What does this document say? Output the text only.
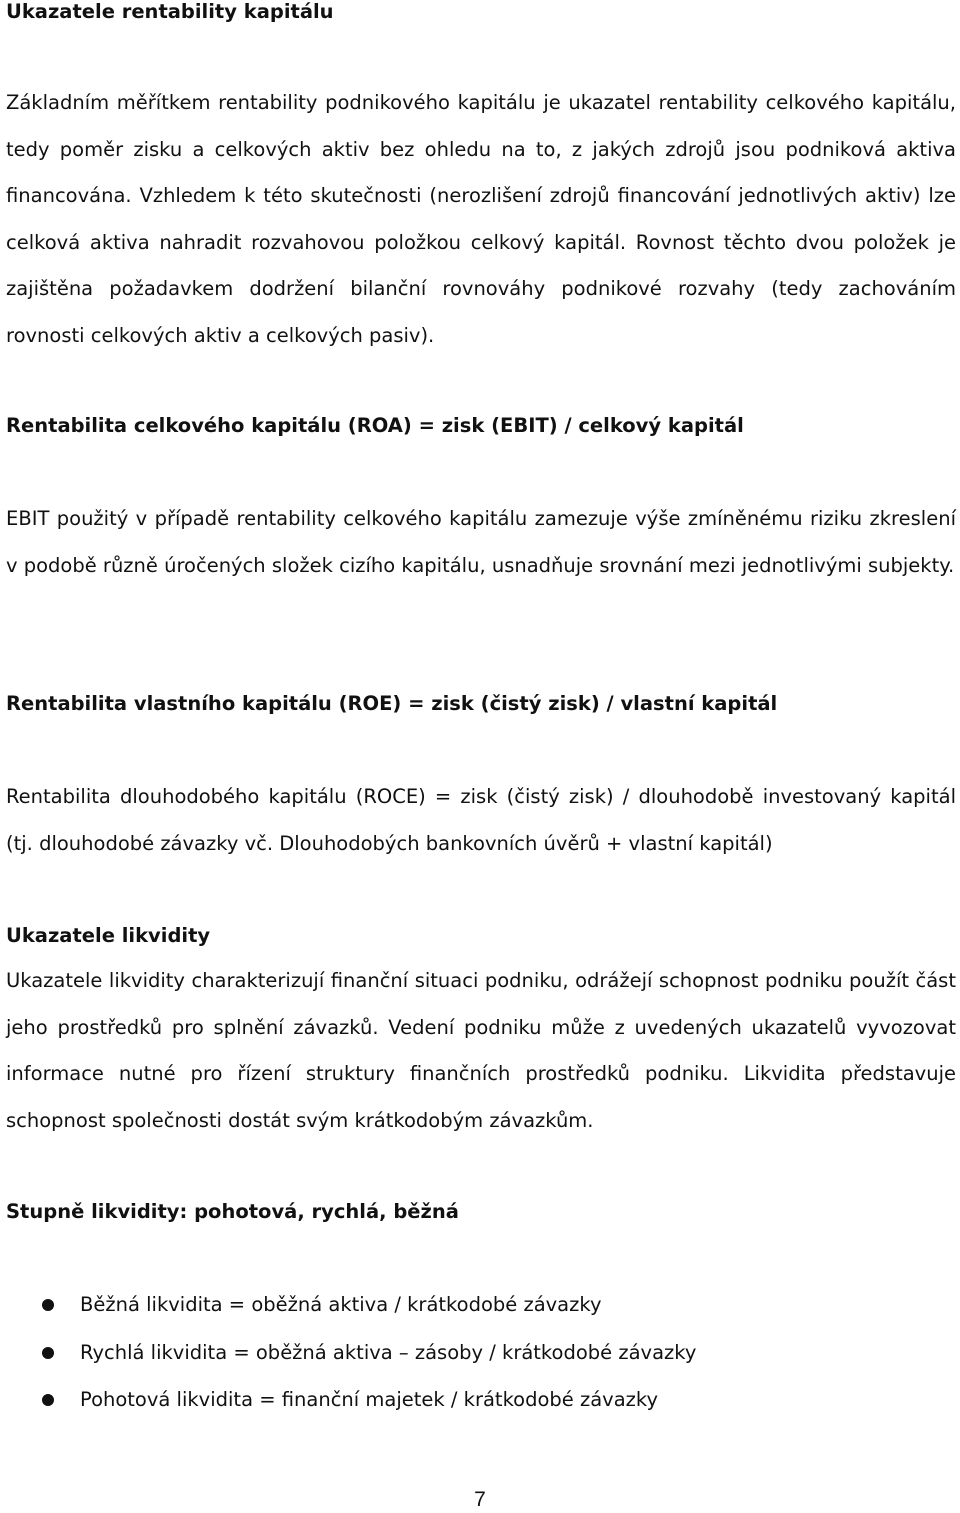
Ukazatele rentability kapitálu

Základním měřítkem rentability podnikového kapitálu je ukazatel rentability celkového kapitálu, tedy poměr zisku a celkových aktiv bez ohledu na to, z jakých zdrojů jsou podniková aktiva financována. Vzhledem k této skutečnosti (nerozlišení zdrojů financování jednotlivých aktiv) lze celková aktiva nahradit rozvahovou položkou celkový kapitál. Rovnost těchto dvou položek je zajištěna požadavkem dodržení bilanční rovnováhy podnikové rozvahy (tedy zachováním rovnosti celkových aktiv a celkových pasiv).

Rentabilita celkového kapitálu (ROA) = zisk (EBIT) / celkový kapitál

EBIT použitý v případě rentability celkového kapitálu zamezuje výše zmíněnému riziku zkreslení v podobě různě úročených složek cizího kapitálu, usnadňuje srovnání mezi jednotlivými subjekty.

Rentabilita vlastního kapitálu (ROE) = zisk (čistý zisk) / vlastní kapitál

Rentabilita dlouhodobého kapitálu (ROCE) = zisk (čistý zisk) / dlouhodobě investovaný kapitál (tj. dlouhodobé závazky vč. Dlouhodobých bankovních úvěrů + vlastní kapitál)

Ukazatele likvidity

Ukazatele likvidity charakterizují finanční situaci podniku, odrážejí schopnost podniku použít část jeho prostředků pro splnění závazků. Vedení podniku může z uvedených ukazatelů vyvozovat informace nutné pro řízení struktury finančních prostředků podniku. Likvidita představuje schopnost společnosti dostát svým krátkodobým závazkům.

Stupně likvidity: pohotová, rychlá, běžná

Běžná likvidita = oběžná aktiva / krátkodobé závazky

Rychlá likvidita = oběžná aktiva – zásoby / krátkodobé závazky

Pohotová likvidita = finanční majetek / krátkodobé závazky

7
